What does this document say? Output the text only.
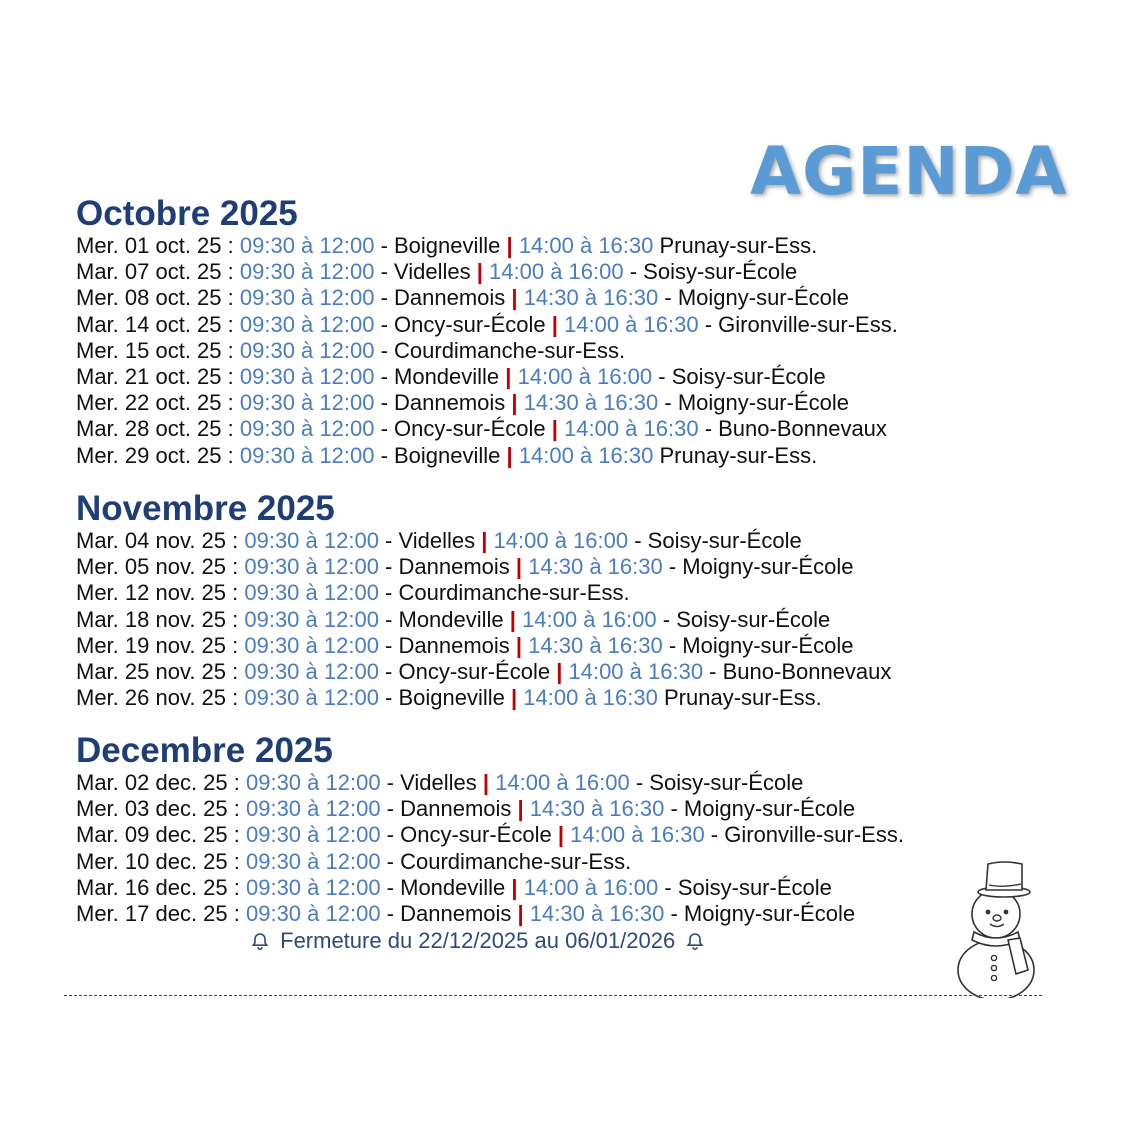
AGENDA
Octobre 2025
Mer. 01 oct. 25 : 09:30 à 12:00 - Boigneville | 14:00 à 16:30 Prunay-sur-Ess.
Mar. 07 oct. 25 : 09:30 à 12:00 - Videlles | 14:00 à 16:00 - Soisy-sur-École
Mer. 08 oct. 25 : 09:30 à 12:00 - Dannemois | 14:30 à 16:30 - Moigny-sur-École
Mar. 14 oct. 25 : 09:30 à 12:00 - Oncy-sur-École | 14:00 à 16:30 - Gironville-sur-Ess.
Mer. 15 oct. 25 : 09:30 à 12:00 - Courdimanche-sur-Ess.
Mar. 21 oct. 25 : 09:30 à 12:00 - Mondeville | 14:00 à 16:00 - Soisy-sur-École
Mer. 22 oct. 25 : 09:30 à 12:00 - Dannemois | 14:30 à 16:30 - Moigny-sur-École
Mar. 28 oct. 25 : 09:30 à 12:00 - Oncy-sur-École | 14:00 à 16:30 - Buno-Bonnevaux
Mer. 29 oct. 25 : 09:30 à 12:00 - Boigneville | 14:00 à 16:30 Prunay-sur-Ess.
Novembre 2025
Mar. 04 nov. 25 : 09:30 à 12:00 - Videlles | 14:00 à 16:00 - Soisy-sur-École
Mer. 05 nov. 25 : 09:30 à 12:00 - Dannemois | 14:30 à 16:30 - Moigny-sur-École
Mer. 12 nov. 25 : 09:30 à 12:00 - Courdimanche-sur-Ess.
Mar. 18 nov. 25 : 09:30 à 12:00 - Mondeville | 14:00 à 16:00 - Soisy-sur-École
Mer. 19 nov. 25 : 09:30 à 12:00 - Dannemois | 14:30 à 16:30 - Moigny-sur-École
Mar. 25 nov. 25 : 09:30 à 12:00 - Oncy-sur-École | 14:00 à 16:30 - Buno-Bonnevaux
Mer. 26 nov. 25 : 09:30 à 12:00 - Boigneville | 14:00 à 16:30 Prunay-sur-Ess.
Decembre 2025
Mar. 02 dec. 25 : 09:30 à 12:00 - Videlles | 14:00 à 16:00 - Soisy-sur-École
Mer. 03 dec. 25 : 09:30 à 12:00 - Dannemois | 14:30 à 16:30 - Moigny-sur-École
Mar. 09 dec. 25 : 09:30 à 12:00 - Oncy-sur-École | 14:00 à 16:30 - Gironville-sur-Ess.
Mer. 10 dec. 25 : 09:30 à 12:00 - Courdimanche-sur-Ess.
Mar. 16 dec. 25 : 09:30 à 12:00 - Mondeville | 14:00 à 16:00 - Soisy-sur-École
Mer. 17 dec. 25 : 09:30 à 12:00 - Dannemois | 14:30 à 16:30 - Moigny-sur-École
Fermeture du 22/12/2025 au 06/01/2026
